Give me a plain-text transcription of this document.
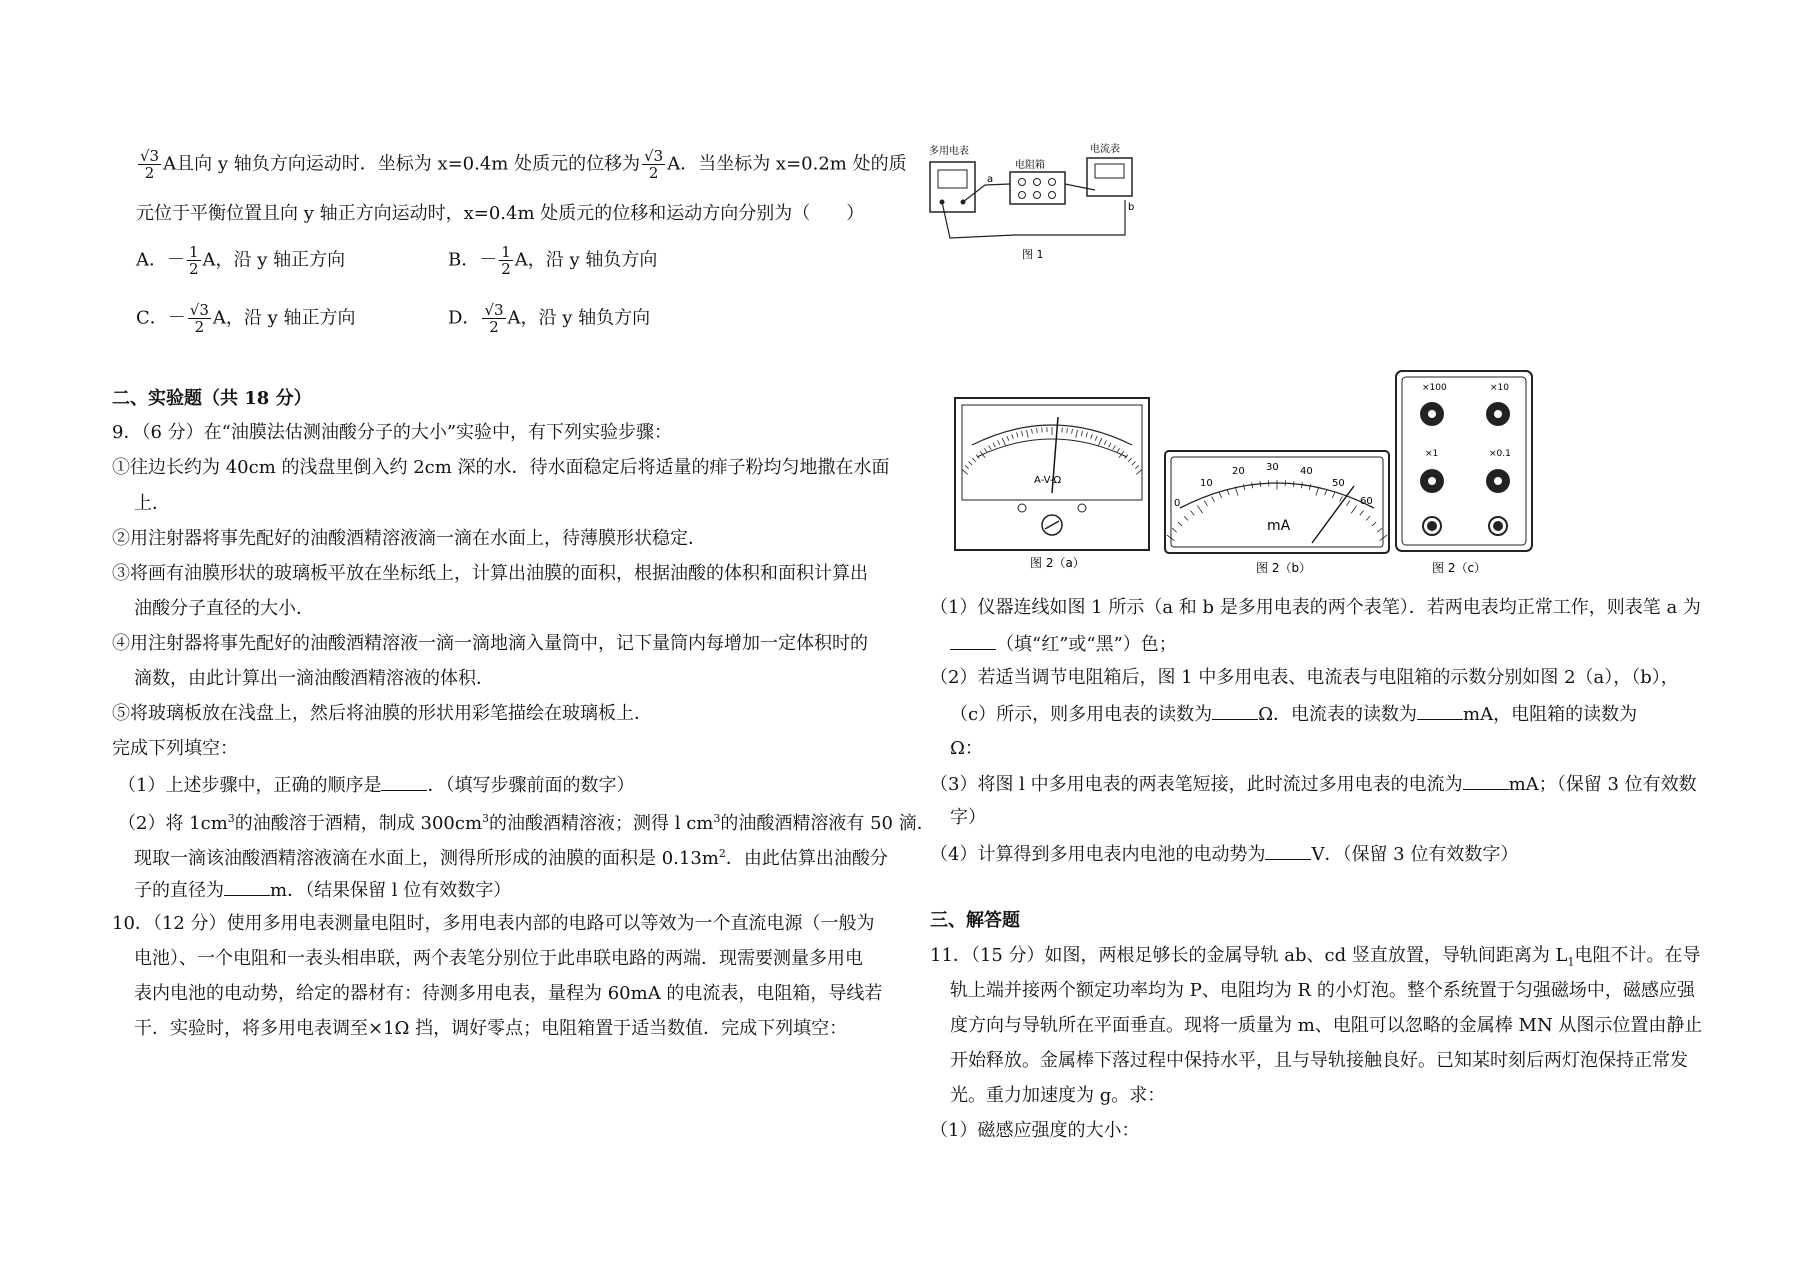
$\frac{√3}{2}$ A且向 y 轴负方向运动时．坐标为 x=0.4m 处质元的位移为 $\frac{√3}{2}$ A．当坐标为 x=0.2m 处的质
元位于平衡位置且向 y 轴正方向运动时，x=0.4m 处质元的位移和运动方向分别为（　　）
A．－ $\frac{1}{2}$ A，沿 y 轴正方向	B．－ $\frac{1}{2}$ A，沿 y 轴负方向
C．－ $\frac{√3}{2}$ A，沿 y 轴正方向	D． $\frac{√3}{2}$ A，沿 y 轴负方向
二、实验题（共 18 分）
9．（6 分）在“油膜法估测油酸分子的大小”实验中，有下列实验步骤：
①往边长约为 40cm 的浅盘里倒入约 2cm 深的水．待水面稳定后将适量的痱子粉均匀地撒在水面
上．
②用注射器将事先配好的油酸酒精溶液滴一滴在水面上，待薄膜形状稳定．
③将画有油膜形状的玻璃板平放在坐标纸上，计算出油膜的面积，根据油酸的体积和面积计算出
油酸分子直径的大小．
④用注射器将事先配好的油酸酒精溶液一滴一滴地滴入量筒中，记下量筒内每增加一定体积时的
滴数，由此计算出一滴油酸酒精溶液的体积．
⑤将玻璃板放在浅盘上，然后将油膜的形状用彩笔描绘在玻璃板上．
完成下列填空：
（1）上述步骤中，正确的顺序是	．（填写步骤前面的数字）
（2）将 $1cm^3$的油酸溶于酒精，制成 $300cm^3$的油酸酒精溶液；测得 l $cm^3$的油酸酒精溶液有 50 滴．
现取一滴该油酸酒精溶液滴在水面上，测得所形成的油膜的面积是 $0.13m^2$．由此估算出油酸分
子的直径为	m．（结果保留 l 位有效数字）
10．（12 分）使用多用电表测量电阻时，多用电表内部的电路可以等效为一个直流电源（一般为
电池）、一个电阻和一表头相串联，两个表笔分别位于此串联电路的两端．现需要测量多用电
表内电池的电动势，给定的器材有：待测多用电表，量程为 60mA 的电流表，电阻箱，导线若
干．实验时，将多用电表调至×1Ω 挡，调好零点；电阻箱置于适当数值．完成下列填空：
多用电表
电阻箱
电流表
a
b
图 1
A-V-Ω
图 2（a）
0
10
20 30 40
50
60
mA
图 2（b）
×100	×10
×1	×0.1
图 2（c）
（1）仪器连线如图 1 所示（a 和 b 是多用电表的两个表笔）．若两电表均正常工作，则表笔 a 为
（填“红”或“黑”）色；
（2）若适当调节电阻箱后，图 1 中多用电表、电流表与电阻箱的示数分别如图 2（a），（b），
（c）所示，则多用电表的读数为	Ω．电流表的读数为	mA，电阻箱的读数为
Ω：
（3）将图 l 中多用电表的两表笔短接，此时流过多用电表的电流为	mA；（保留 3 位有效数
字）
（4）计算得到多用电表内电池的电动势为	V．（保留 3 位有效数字）
三、解答题
11．（15 分）如图，两根足够长的金属导轨 ab、cd 竖直放置，导轨间距离为 $L_1$电阻不计。在导
轨上端并接两个额定功率均为 P、电阻均为 R 的小灯泡。整个系统置于匀强磁场中，磁感应强
度方向与导轨所在平面垂直。现将一质量为 m、电阻可以忽略的金属棒 MN 从图示位置由静止
开始释放。金属棒下落过程中保持水平，且与导轨接触良好。已知某时刻后两灯泡保持正常发
光。重力加速度为 g。求：
（1）磁感应强度的大小：
